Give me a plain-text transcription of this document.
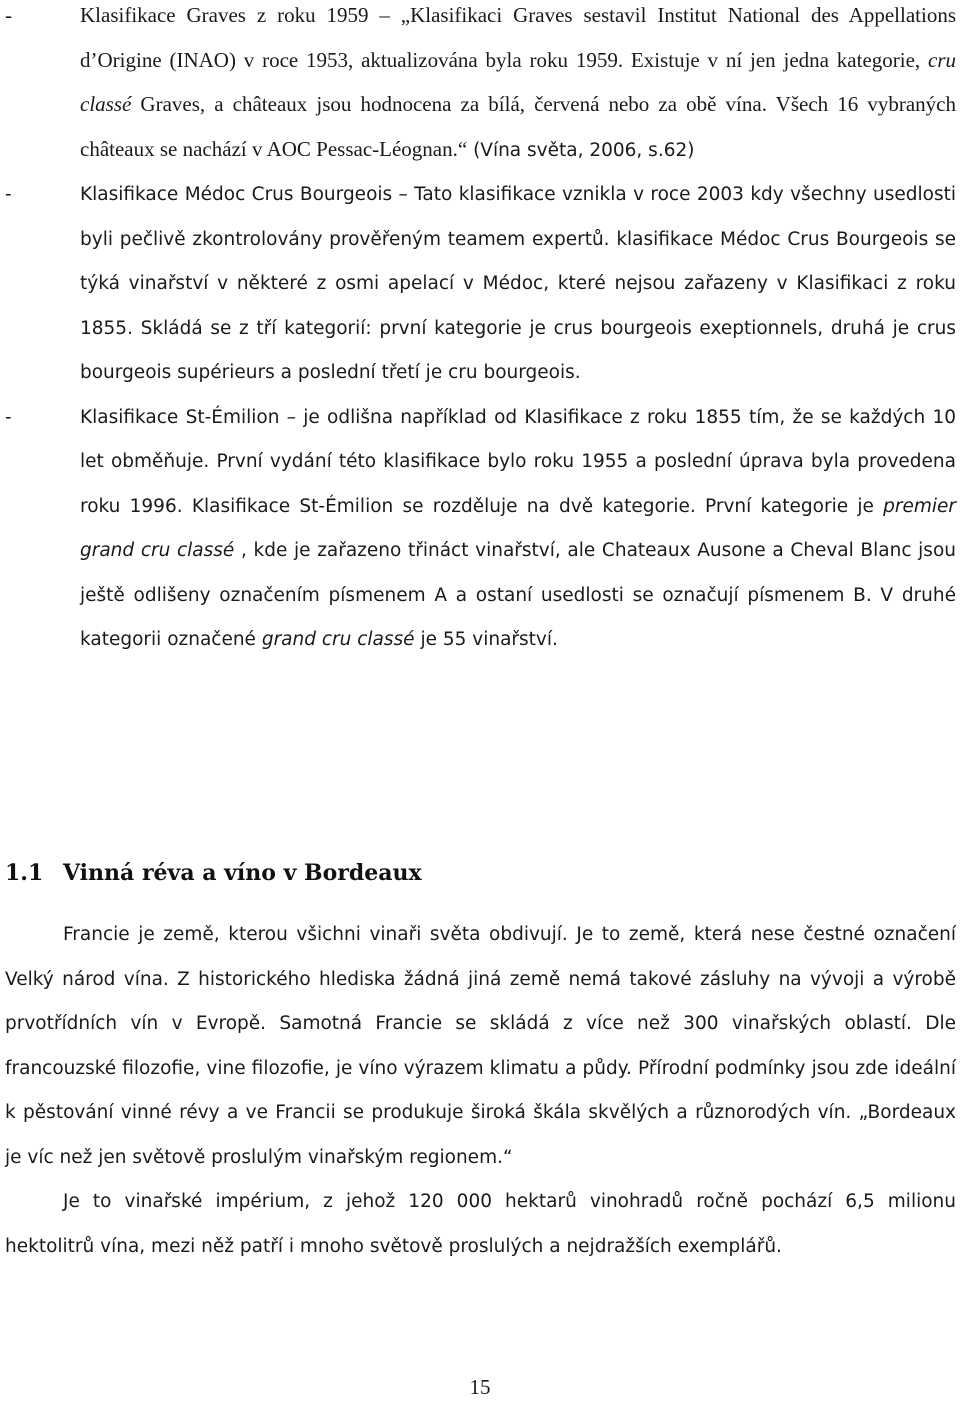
-	Klasifikace Graves z roku 1959 – „Klasifikaci Graves sestavil Institut National des Appellations d’Origine (INAO) v roce 1953, aktualizována byla roku 1959. Existuje v ní jen jedna kategorie, cru classé Graves, a châteaux jsou hodnocena za bílá, červená nebo za obě vína. Všech 16 vybraných châteaux se nachází v AOC Pessac-Léognan.“ (Vína světa, 2006, s.62)
-	Klasifikace Médoc Crus Bourgeois – Tato klasifikace vznikla v roce 2003 kdy všechny usedlosti byli pečlivě zkontrolovány prověřeným teamem expertů. klasifikace Médoc Crus Bourgeois se týká vinařství v některé z osmi apelací v Médoc, které nejsou zařazeny v Klasifikaci z roku 1855. Skládá se z tří kategorií: první kategorie je crus bourgeois exeptionnels, druhá je crus bourgeois supérieurs a poslední třetí je cru bourgeois.
-	Klasifikace St-Émilion – je odlišna například od Klasifikace z roku 1855 tím, že se každých 10 let obměňuje. První vydání této klasifikace bylo roku 1955 a poslední úprava byla provedena roku 1996. Klasifikace St-Émilion se rozděluje na dvě kategorie. První kategorie je premier grand cru classé , kde je zařazeno třináct vinařství, ale Chateaux Ausone a Cheval Blanc jsou ještě odlišeny označením písmenem A a ostaní usedlosti se označují písmenem B. V druhé kategorii označené grand cru classé je 55 vinařství.
1.1 Vinná réva a víno v Bordeaux

Francie je země, kterou všichni vinaři světa obdivují. Je to země, která nese čestné označení Velký národ vína. Z historického hlediska žádná jiná země nemá takové zásluhy na vývoji a výrobě prvotřídních vín v Evropě. Samotná Francie se skládá z více než 300 vinařských oblastí. Dle francouzské filozofie, vine filozofie, je víno výrazem klimatu a půdy. Přírodní podmínky jsou zde ideální k pěstování vinné révy a ve Francii se produkuje široká škála skvělých a různorodých vín. „Bordeaux je víc než jen světově proslulým vinařským regionem.“

Je to vinařské impérium, z jehož 120 000 hektarů vinohradů ročně pochází 6,5 milionu hektolitrů vína, mezi něž patří i mnoho světově proslulých a nejdražších exemplářů.

15
